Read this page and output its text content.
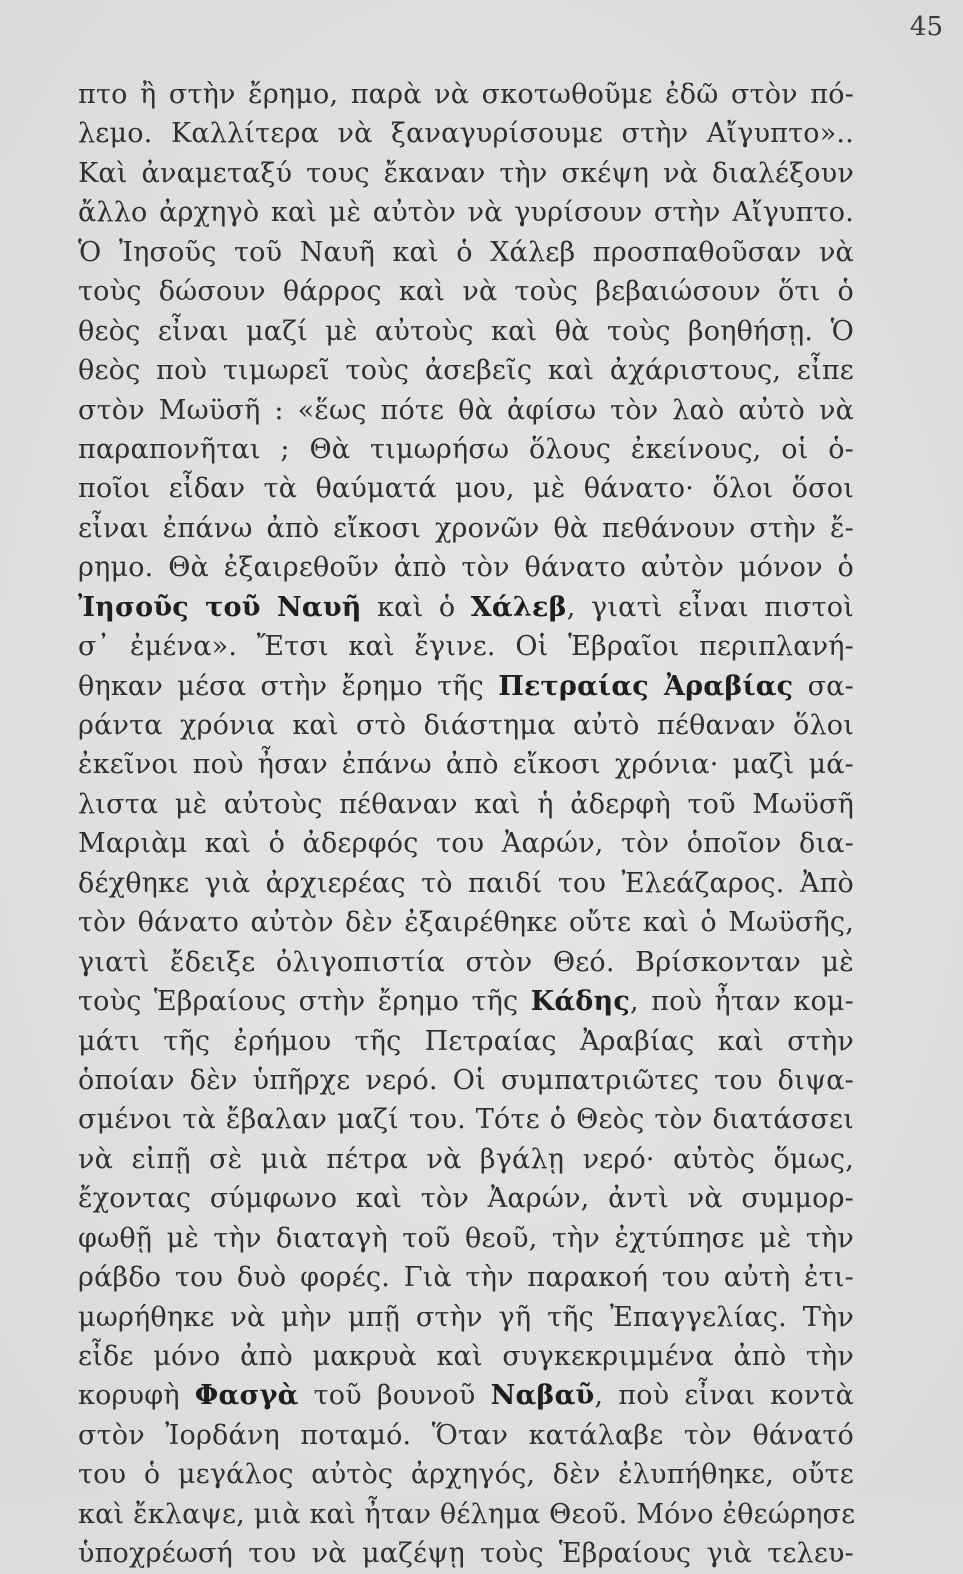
45
πτο ἢ στὴν ἔρημο, παρὰ νὰ σκοτωθοῦμε ἐδῶ στὸν πό-
λεμο. Καλλίτερα νὰ ξαναγυρίσουμε στὴν Αἴγυπτο»..
Καὶ ἀναμεταξύ τους ἔκαναν τὴν σκέψη νὰ διαλέξουν
ἄλλο ἀρχηγὸ καὶ μὲ αὐτὸν νὰ γυρίσουν στὴν Αἴγυπτο.
Ὁ Ἰησοῦς τοῦ Ναυῆ καὶ ὁ Χάλεβ προσπαθοῦσαν νὰ
τοὺς δώσουν θάρρος καὶ νὰ τοὺς βεβαιώσουν ὅτι ὁ
θεὸς εἶναι μαζί μὲ αὐτοὺς καὶ θὰ τοὺς βοηθήσῃ. Ὁ
θεὸς ποὺ τιμωρεῖ τοὺς ἀσεβεῖς καὶ ἀχάριστους, εἶπε
στὸν Μωϋσῆ : «ἕως πότε θὰ ἀφίσω τὸν λαὸ αὐτὸ νὰ
παραπονῆται ; Θὰ τιμωρήσω ὅλους ἐκείνους, οἱ ὁ-
ποῖοι εἶδαν τὰ θαύματά μου, μὲ θάνατο· ὅλοι ὅσοι
εἶναι ἐπάνω ἀπὸ εἴκοσι χρονῶν θὰ πεθάνουν στὴν ἔ-
ρημο. Θὰ ἐξαιρεθοῦν ἀπὸ τὸν θάνατο αὐτὸν μόνον ὁ
Ἰησοῦς τοῦ Ναυῆ καὶ ὁ Χάλεβ, γιατὶ εἶναι πιστοὶ
σ᾽ ἐμένα». Ἔτσι καὶ ἔγινε. Οἱ Ἑβραῖοι περιπλανή-
θηκαν μέσα στὴν ἔρημο τῆς Πετραίας Ἀραβίας σα-
ράντα χρόνια καὶ στὸ διάστημα αὐτὸ πέθαναν ὅλοι
ἐκεῖνοι ποὺ ἦσαν ἐπάνω ἀπὸ εἴκοσι χρόνια· μαζὶ μά-
λιστα μὲ αὐτοὺς πέθαναν καὶ ἡ ἀδερφὴ τοῦ Μωϋσῆ
Μαριὰμ καὶ ὁ ἀδερφός του Ἀαρών, τὸν ὁποῖον δια-
δέχθηκε γιὰ ἀρχιερέας τὸ παιδί του Ἐλεάζαρος. Ἀπὸ
τὸν θάνατο αὐτὸν δὲν ἐξαιρέθηκε οὔτε καὶ ὁ Μωϋσῆς,
γιατὶ ἔδειξε ὀλιγοπιστία στὸν Θεό. Βρίσκονταν μὲ
τοὺς Ἑβραίους στὴν ἔρημο τῆς Κάδης, ποὺ ἦταν κομ-
μάτι τῆς ἐρήμου τῆς Πετραίας Ἀραβίας καὶ στὴν
ὁποίαν δὲν ὑπῆρχε νερό. Οἱ συμπατριῶτες του διψα-
σμένοι τὰ ἔβαλαν μαζί του. Τότε ὁ Θεὸς τὸν διατάσσει
νὰ εἰπῇ σὲ μιὰ πέτρα νὰ βγάλῃ νερό· αὐτὸς ὅμως,
ἔχοντας σύμφωνο καὶ τὸν Ἀαρών, ἀντὶ νὰ συμμορ-
φωθῇ μὲ τὴν διαταγὴ τοῦ θεοῦ, τὴν ἐχτύπησε μὲ τὴν
ράβδο του δυὸ φορές. Γιὰ τὴν παρακοή του αὐτὴ ἐτι-
μωρήθηκε νὰ μὴν μπῇ στὴν γῆ τῆς Ἐπαγγελίας. Τὴν
εἶδε μόνο ἀπὸ μακρυὰ καὶ συγκεκριμμένα ἀπὸ τὴν
κορυφὴ Φασγὰ τοῦ βουνοῦ Ναβαῦ, ποὺ εἶναι κοντὰ
στὸν Ἰορδάνη ποταμό. Ὅταν κατάλαβε τὸν θάνατό
του ὁ μεγάλος αὐτὸς ἀρχηγός, δὲν ἐλυπήθηκε, οὔτε
καὶ ἔκλαψε, μιὰ καὶ ἦταν θέλημα Θεοῦ. Μόνο ἐθεώρησε
ὑποχρέωσή του νὰ μαζέψῃ τοὺς Ἑβραίους γιὰ τελευ-
